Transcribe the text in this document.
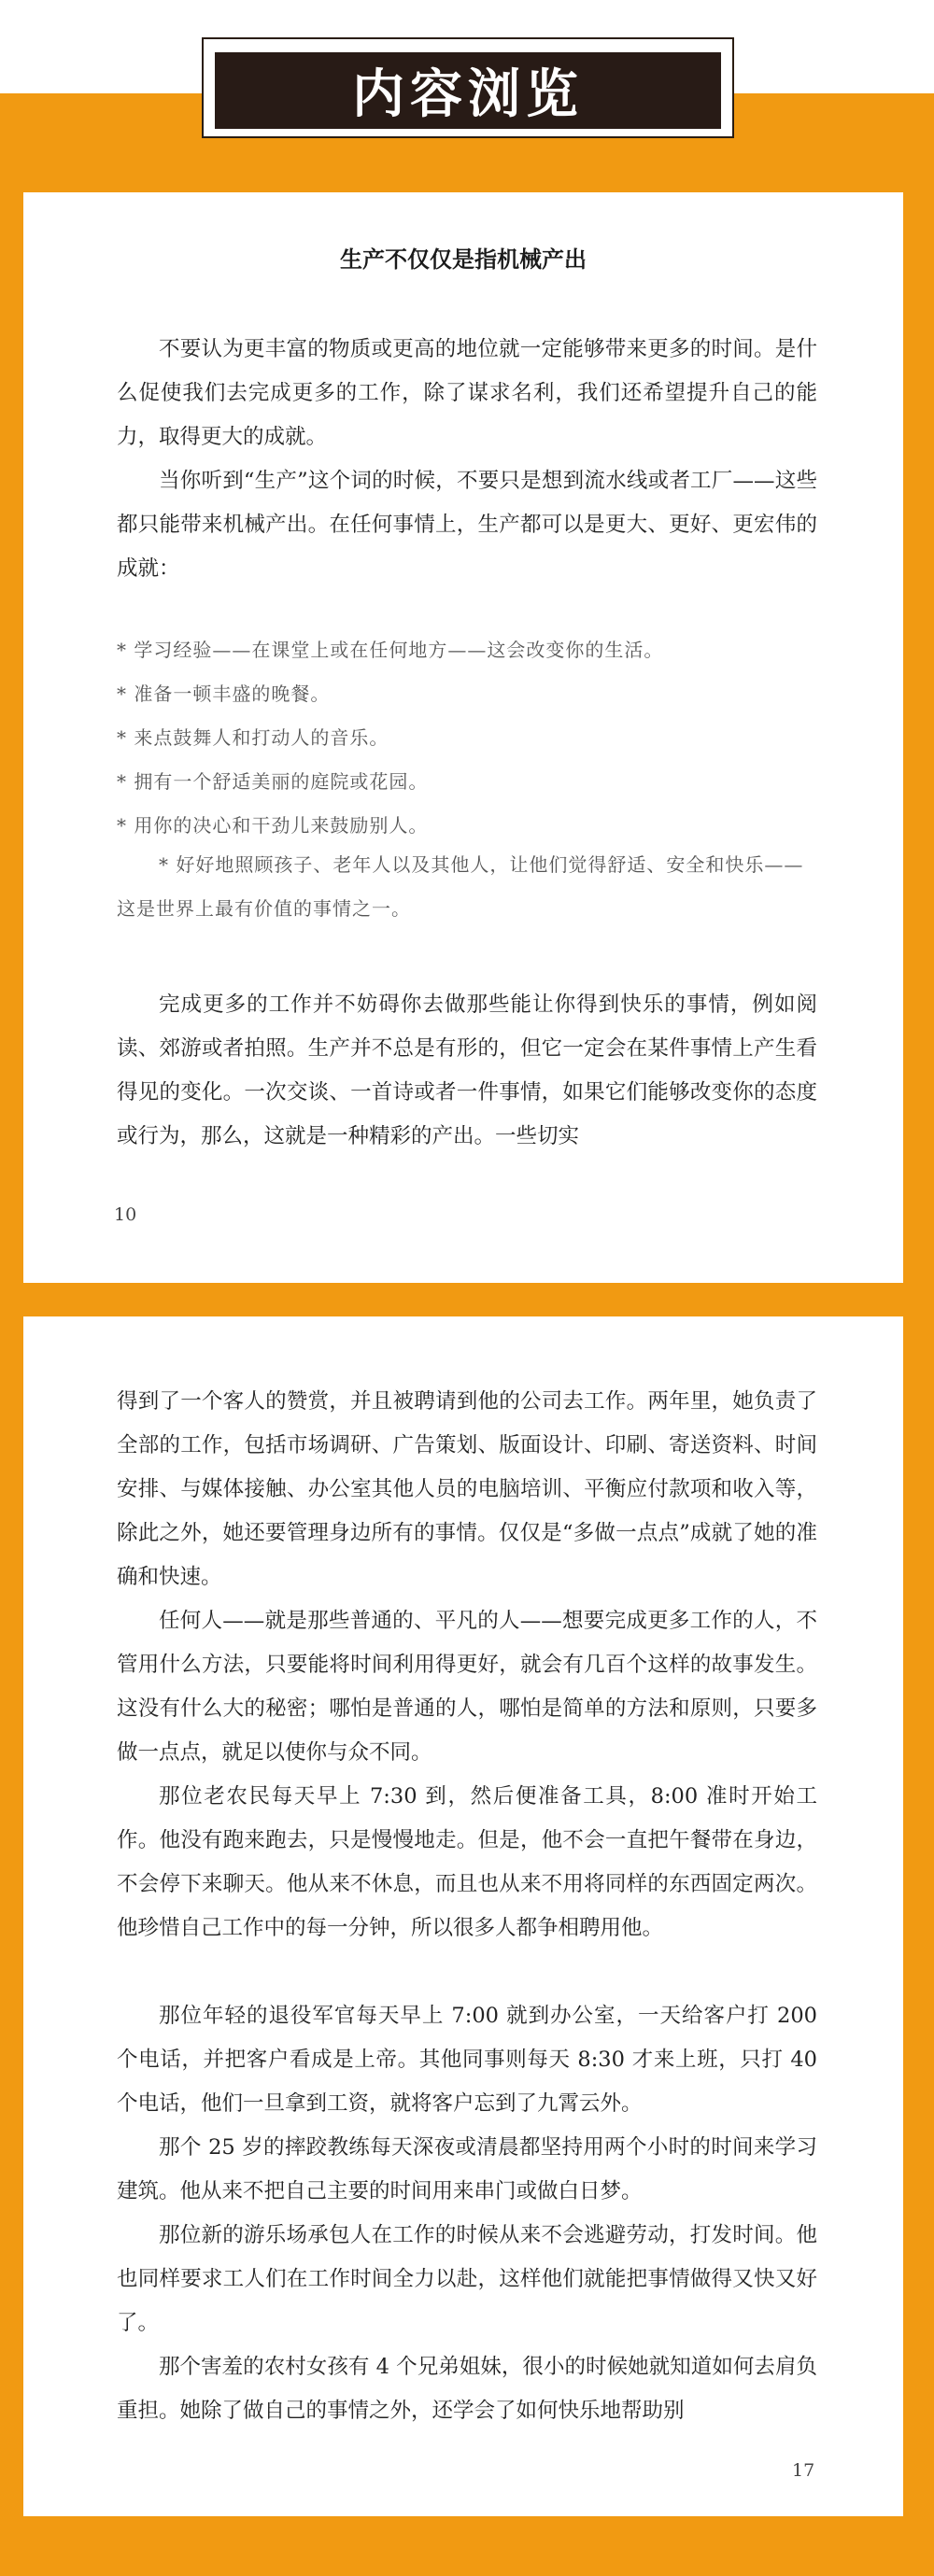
内容浏览
生产不仅仅是指机械产出

不要认为更丰富的物质或更高的地位就一定能够带来更多的时间。是什么促使我们去完成更多的工作，除了谋求名利，我们还希望提升自己的能力，取得更大的成就。

当你听到“生产”这个词的时候，不要只是想到流水线或者工厂——这些都只能带来机械产出。在任何事情上，生产都可以是更大、更好、更宏伟的成就：

* 学习经验——在课堂上或在任何地方——这会改变你的生活。
* 准备一顿丰盛的晚餐。
* 来点鼓舞人和打动人的音乐。
* 拥有一个舒适美丽的庭院或花园。
* 用你的决心和干劲儿来鼓励别人。
* 好好地照顾孩子、老年人以及其他人，让他们觉得舒适、安全和快乐——这是世界上最有价值的事情之一。

完成更多的工作并不妨碍你去做那些能让你得到快乐的事情，例如阅读、郊游或者拍照。生产并不总是有形的，但它一定会在某件事情上产生看得见的变化。一次交谈、一首诗或者一件事情，如果它们能够改变你的态度或行为，那么，这就是一种精彩的产出。一些切实

10

得到了一个客人的赞赏，并且被聘请到他的公司去工作。两年里，她负责了全部的工作，包括市场调研、广告策划、版面设计、印刷、寄送资料、时间安排、与媒体接触、办公室其他人员的电脑培训、平衡应付款项和收入等，除此之外，她还要管理身边所有的事情。仅仅是“多做一点点”成就了她的准确和快速。

任何人——就是那些普通的、平凡的人——想要完成更多工作的人，不管用什么方法，只要能将时间利用得更好，就会有几百个这样的故事发生。这没有什么大的秘密；哪怕是普通的人，哪怕是简单的方法和原则，只要多做一点点，就足以使你与众不同。

那位老农民每天早上 7:30 到，然后便准备工具，8:00 准时开始工作。他没有跑来跑去，只是慢慢地走。但是，他不会一直把午餐带在身边，不会停下来聊天。他从来不休息，而且也从来不用将同样的东西固定两次。他珍惜自己工作中的每一分钟，所以很多人都争相聘用他。

那位年轻的退役军官每天早上 7:00 就到办公室，一天给客户打 200 个电话，并把客户看成是上帝。其他同事则每天 8:30 才来上班，只打 40 个电话，他们一旦拿到工资，就将客户忘到了九霄云外。

那个 25 岁的摔跤教练每天深夜或清晨都坚持用两个小时的时间来学习建筑。他从来不把自己主要的时间用来串门或做白日梦。

那位新的游乐场承包人在工作的时候从来不会逃避劳动，打发时间。他也同样要求工人们在工作时间全力以赴，这样他们就能把事情做得又快又好了。

那个害羞的农村女孩有 4 个兄弟姐妹，很小的时候她就知道如何去肩负重担。她除了做自己的事情之外，还学会了如何快乐地帮助别

17
